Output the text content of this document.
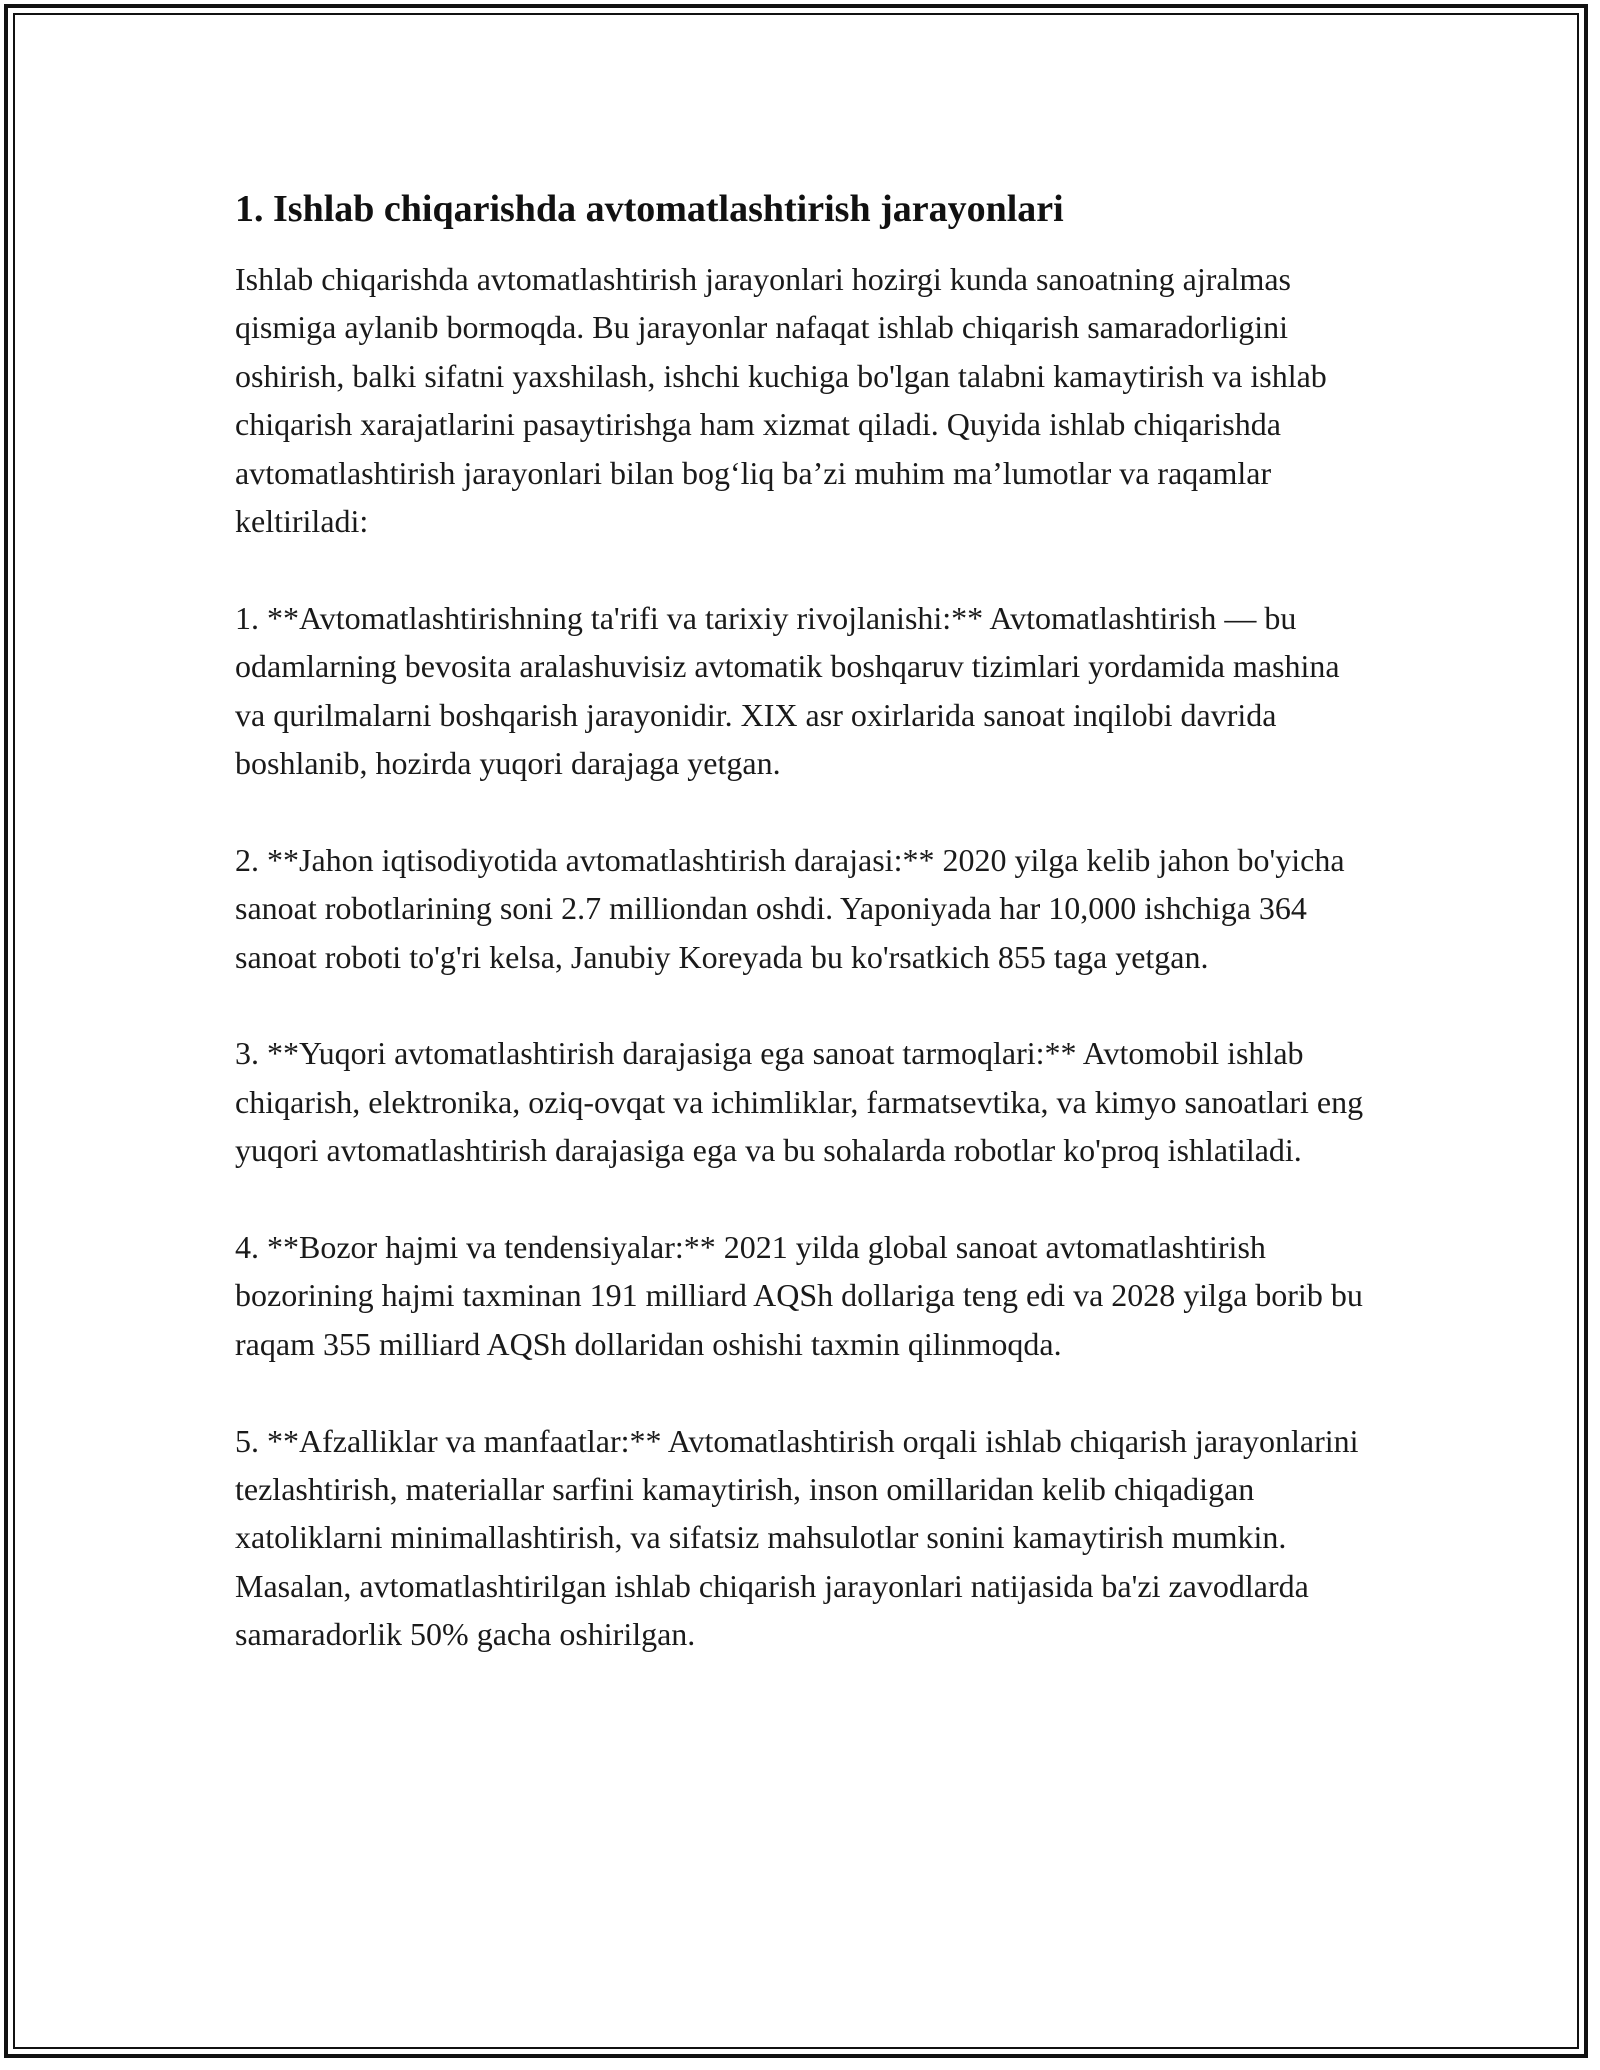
1. Ishlab chiqarishda avtomatlashtirish jarayonlari

Ishlab chiqarishda avtomatlashtirish jarayonlari hozirgi kunda sanoatning ajralmas qismiga aylanib bormoqda. Bu jarayonlar nafaqat ishlab chiqarish samaradorligini oshirish, balki sifatni yaxshilash, ishchi kuchiga bo'lgan talabni kamaytirish va ishlab chiqarish xarajatlarini pasaytirishga ham xizmat qiladi. Quyida ishlab chiqarishda avtomatlashtirish jarayonlari bilan bog‘liq ba’zi muhim ma’lumotlar va raqamlar keltiriladi:

1. **Avtomatlashtirishning ta'rifi va tarixiy rivojlanishi:** Avtomatlashtirish — bu odamlarning bevosita aralashuvisiz avtomatik boshqaruv tizimlari yordamida mashina va qurilmalarni boshqarish jarayonidir. XIX asr oxirlarida sanoat inqilobi davrida boshlanib, hozirda yuqori darajaga yetgan.

2. **Jahon iqtisodiyotida avtomatlashtirish darajasi:** 2020 yilga kelib jahon bo'yicha sanoat robotlarining soni 2.7 milliondan oshdi. Yaponiyada har 10,000 ishchiga 364 sanoat roboti to'g'ri kelsa, Janubiy Koreyada bu ko'rsatkich 855 taga yetgan.

3. **Yuqori avtomatlashtirish darajasiga ega sanoat tarmoqlari:** Avtomobil ishlab chiqarish, elektronika, oziq-ovqat va ichimliklar, farmatsevtika, va kimyo sanoatlari eng yuqori avtomatlashtirish darajasiga ega va bu sohalarda robotlar ko'proq ishlatiladi.

4. **Bozor hajmi va tendensiyalar:** 2021 yilda global sanoat avtomatlashtirish bozorining hajmi taxminan 191 milliard AQSh dollariga teng edi va 2028 yilga borib bu raqam 355 milliard AQSh dollaridan oshishi taxmin qilinmoqda.

5. **Afzalliklar va manfaatlar:** Avtomatlashtirish orqali ishlab chiqarish jarayonlarini tezlashtirish, materiallar sarfini kamaytirish, inson omillaridan kelib chiqadigan xatoliklarni minimallashtirish, va sifatsiz mahsulotlar sonini kamaytirish mumkin. Masalan, avtomatlashtirilgan ishlab chiqarish jarayonlari natijasida ba'zi zavodlarda samaradorlik 50% gacha oshirilgan.
